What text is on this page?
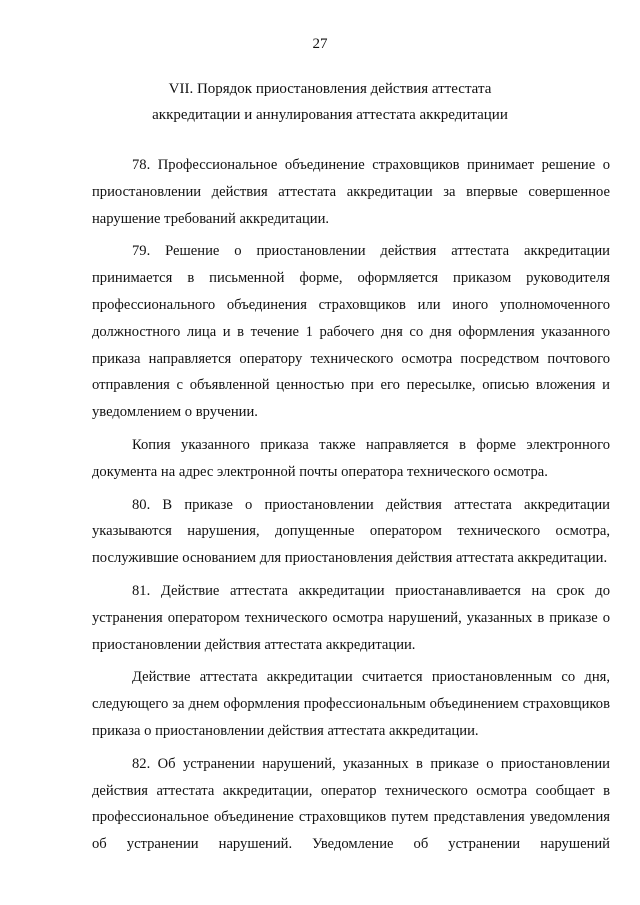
27
VII. Порядок приостановления действия аттестата
аккредитации и аннулирования аттестата аккредитации

78. Профессиональное объединение страховщиков принимает решение о приостановлении действия аттестата аккредитации за впервые совершенное нарушение требований аккредитации.

79. Решение о приостановлении действия аттестата аккредитации принимается в письменной форме, оформляется приказом руководителя профессионального объединения страховщиков или иного уполномоченного должностного лица и в течение 1 рабочего дня со дня оформления указанного приказа направляется оператору технического осмотра посредством почтового отправления с объявленной ценностью при его пересылке, описью вложения и уведомлением о вручении.

Копия указанного приказа также направляется в форме электронного документа на адрес электронной почты оператора технического осмотра.

80. В приказе о приостановлении действия аттестата аккредитации указываются нарушения, допущенные оператором технического осмотра, послужившие основанием для приостановления действия аттестата аккредитации.

81. Действие аттестата аккредитации приостанавливается на срок до устранения оператором технического осмотра нарушений, указанных в приказе о приостановлении действия аттестата аккредитации.

Действие аттестата аккредитации считается приостановленным со дня, следующего за днем оформления профессиональным объединением страховщиков приказа о приостановлении действия аттестата аккредитации.

82. Об устранении нарушений, указанных в приказе о приостановлении действия аттестата аккредитации, оператор технического осмотра сообщает в профессиональное объединение страховщиков путем представления уведомления об устранении нарушений. Уведомление об устранении нарушений
